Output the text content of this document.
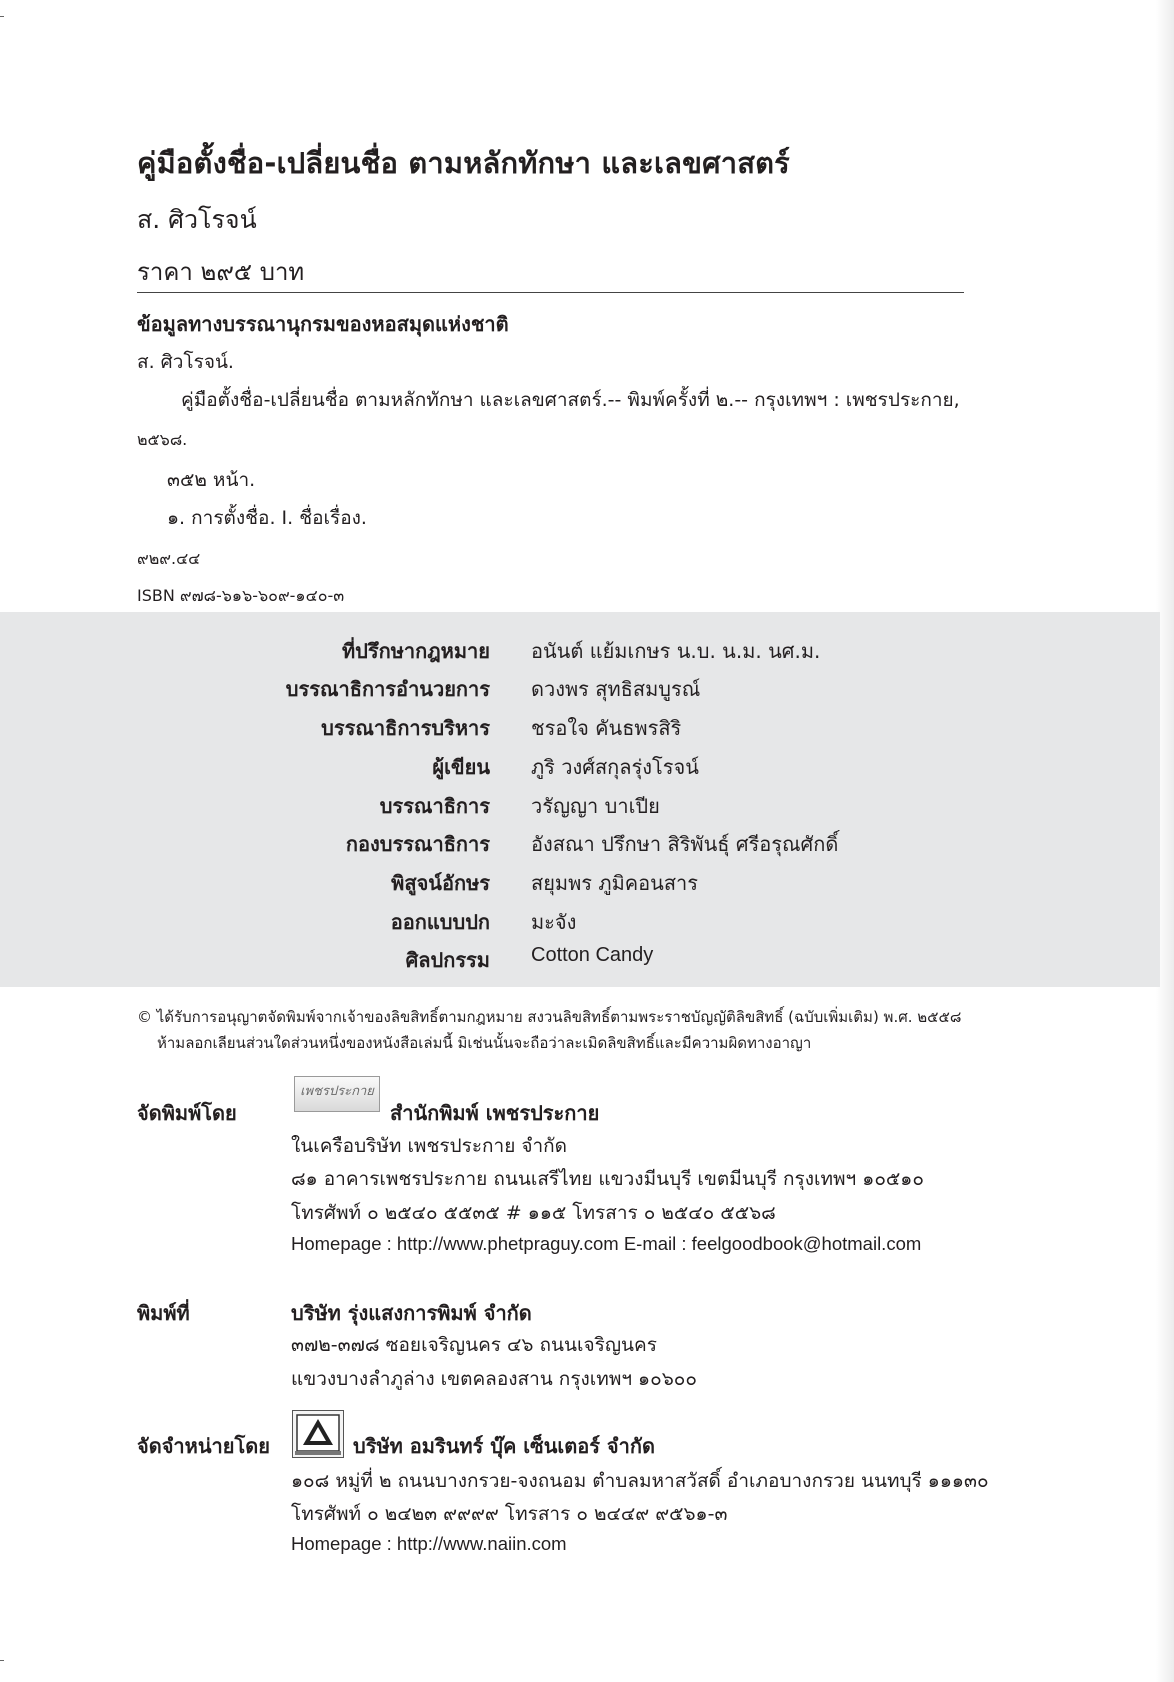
คู่มือตั้งชื่อ-เปลี่ยนชื่อ ตามหลักทักษา และเลขศาสตร์
ส. ศิวโรจน์
ราคา ๒๙๕ บาท
ข้อมูลทางบรรณานุกรมของหอสมุดแห่งชาติ
ส. ศิวโรจน์.
คู่มือตั้งชื่อ-เปลี่ยนชื่อ ตามหลักทักษา และเลขศาสตร์.-- พิมพ์ครั้งที่ ๒.-- กรุงเทพฯ : เพชรประกาย,
๒๕๖๘.
๓๕๒ หน้า.
๑. การตั้งชื่อ. I. ชื่อเรื่อง.
๙๒๙.๔๔
ISBN ๙๗๘-๖๑๖-๖๐๙-๑๔๐-๓
ที่ปรึกษากฎหมาย อนันต์ แย้มเกษร น.บ. น.ม. นศ.ม.
บรรณาธิการอำนวยการ ดวงพร สุทธิสมบูรณ์
บรรณาธิการบริหาร ชรอใจ คันธพรสิริ
ผู้เขียน ภูริ วงศ์สกุลรุ่งโรจน์
บรรณาธิการ วรัญญา บาเปีย
กองบรรณาธิการ อังสณา ปรึกษา สิริพันธุ์ ศรีอรุณศักดิ์
พิสูจน์อักษร สยุมพร ภูมิคอนสาร
ออกแบบปก มะจัง
ศิลปกรรม Cotton Candy
© ได้รับการอนุญาตจัดพิมพ์จากเจ้าของลิขสิทธิ์ตามกฎหมาย สงวนลิขสิทธิ์ตามพระราชบัญญัติลิขสิทธิ์ (ฉบับเพิ่มเติม) พ.ศ. ๒๕๕๘
ห้ามลอกเลียนส่วนใดส่วนหนึ่งของหนังสือเล่มนี้ มิเช่นนั้นจะถือว่าละเมิดลิขสิทธิ์และมีความผิดทางอาญา
จัดพิมพ์โดย
เพชรประกาย
สำนักพิมพ์ เพชรประกาย
ในเครือบริษัท เพชรประกาย จำกัด
๘๑ อาคารเพชรประกาย ถนนเสรีไทย แขวงมีนบุรี เขตมีนบุรี กรุงเทพฯ ๑๐๕๑๐
โทรศัพท์ ๐ ๒๕๔๐ ๕๕๓๕ # ๑๑๕ โทรสาร ๐ ๒๕๔๐ ๕๕๖๘
Homepage : http://www.phetpraguy.com E-mail : feelgoodbook@hotmail.com
พิมพ์ที่	บริษัท รุ่งแสงการพิมพ์ จำกัด
๓๗๒-๓๗๘ ซอยเจริญนคร ๔๖ ถนนเจริญนคร
แขวงบางลำภูล่าง เขตคลองสาน กรุงเทพฯ ๑๐๖๐๐
จัดจำหน่ายโดย	บริษัท อมรินทร์ บุ๊ค เซ็นเตอร์ จำกัด
๑๐๘ หมู่ที่ ๒ ถนนบางกรวย-จงถนอม ตำบลมหาสวัสดิ์ อำเภอบางกรวย นนทบุรี ๑๑๑๓๐
โทรศัพท์ ๐ ๒๔๒๓ ๙๙๙๙ โทรสาร ๐ ๒๔๔๙ ๙๕๖๑-๓
Homepage : http://www.naiin.com
